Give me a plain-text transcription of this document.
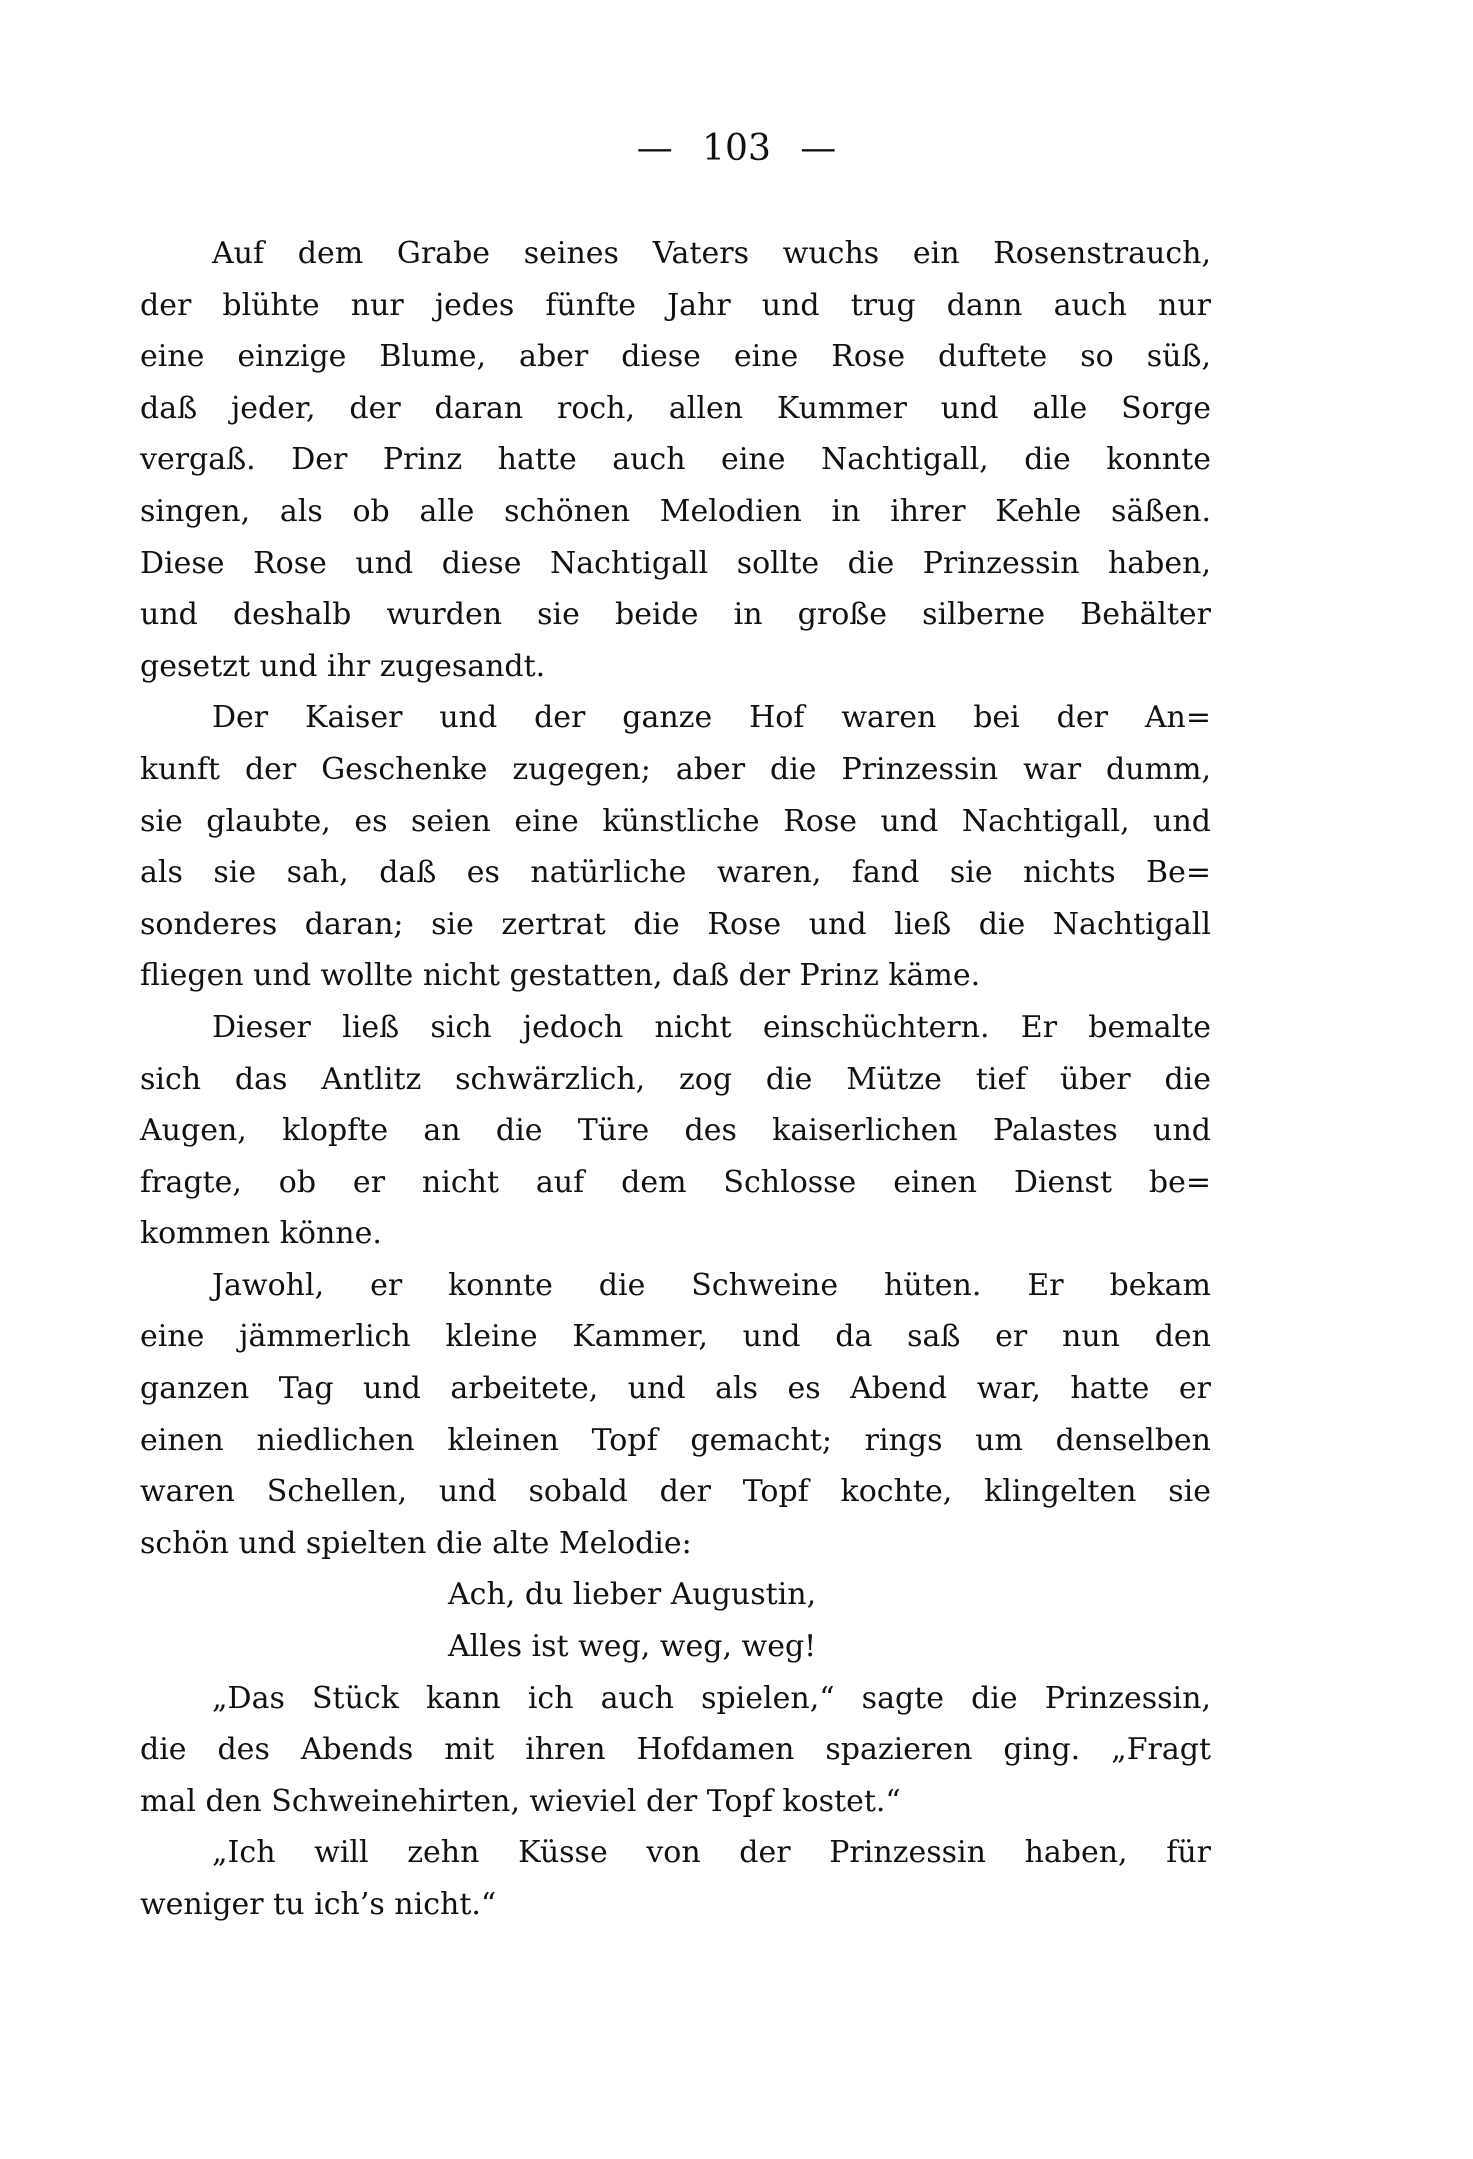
— 103 —
Auf dem Grabe seines Vaters wuchs ein Rosenstrauch,
der blühte nur jedes fünfte Jahr und trug dann auch nur
eine einzige Blume, aber diese eine Rose duftete so süß,
daß jeder, der daran roch, allen Kummer und alle Sorge
vergaß. Der Prinz hatte auch eine Nachtigall, die konnte
singen, als ob alle schönen Melodien in ihrer Kehle säßen.
Diese Rose und diese Nachtigall sollte die Prinzessin haben,
und deshalb wurden sie beide in große silberne Behälter
gesetzt und ihr zugesandt.
Der Kaiser und der ganze Hof waren bei der An=
kunft der Geschenke zugegen; aber die Prinzessin war dumm,
sie glaubte, es seien eine künstliche Rose und Nachtigall, und
als sie sah, daß es natürliche waren, fand sie nichts Be=
sonderes daran; sie zertrat die Rose und ließ die Nachtigall
fliegen und wollte nicht gestatten, daß der Prinz käme.
Dieser ließ sich jedoch nicht einschüchtern. Er bemalte
sich das Antlitz schwärzlich, zog die Mütze tief über die
Augen, klopfte an die Türe des kaiserlichen Palastes und
fragte, ob er nicht auf dem Schlosse einen Dienst be=
kommen könne.
Jawohl, er konnte die Schweine hüten. Er bekam
eine jämmerlich kleine Kammer, und da saß er nun den
ganzen Tag und arbeitete, und als es Abend war, hatte er
einen niedlichen kleinen Topf gemacht; rings um denselben
waren Schellen, und sobald der Topf kochte, klingelten sie
schön und spielten die alte Melodie:
Ach, du lieber Augustin,
Alles ist weg, weg, weg!
„Das Stück kann ich auch spielen,“ sagte die Prinzessin,
die des Abends mit ihren Hofdamen spazieren ging. „Fragt
mal den Schweinehirten, wieviel der Topf kostet.“
„Ich will zehn Küsse von der Prinzessin haben, für
weniger tu ich’s nicht.“
